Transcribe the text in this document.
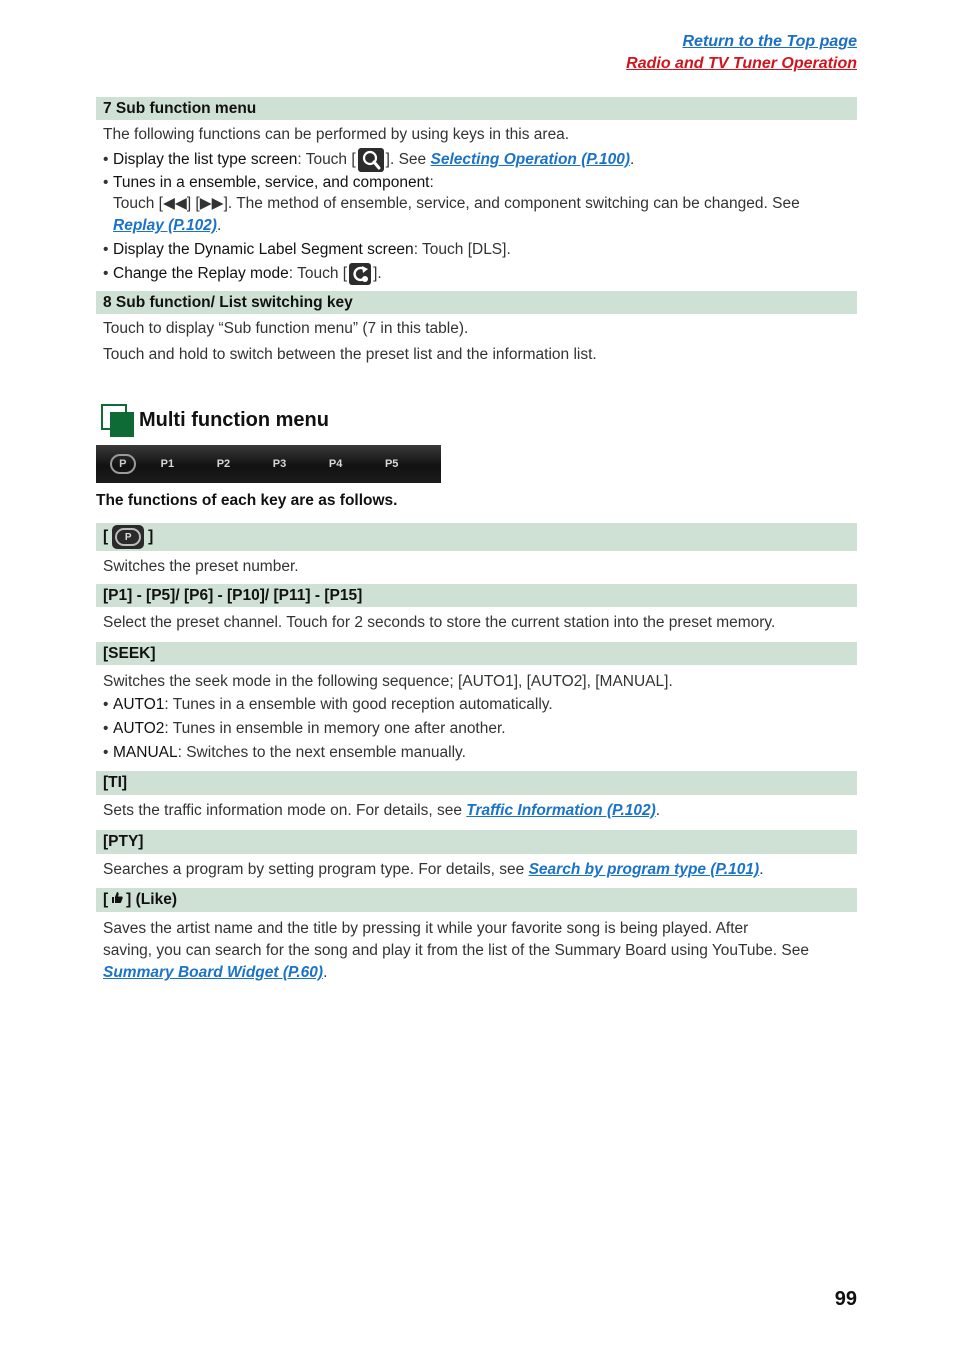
Return to the Top page
Radio and TV Tuner Operation
7 Sub function menu
The following functions can be performed by using keys in this area.
• Display the list type screen: Touch [ ]. See Selecting Operation (P.100).
• Tunes in a ensemble, service, and component:
Touch [◀◀] [▶▶]. The method of ensemble, service, and component switching can be changed. See
Replay (P.102).
• Display the Dynamic Label Segment screen: Touch [DLS].
• Change the Replay mode: Touch [ ].
8 Sub function/ List switching key
Touch to display “Sub function menu” (7 in this table).
Touch and hold to switch between the preset list and the information list.
Multi function menu
P	P1	P2	P3	P4	P5
The functions of each key are as follows.
[	P	]
Switches the preset number.
[P1] - [P5]/ [P6] - [P10]/ [P11] - [P15]
Select the preset channel. Touch for 2 seconds to store the current station into the preset memory.
[SEEK]
Switches the seek mode in the following sequence; [AUTO1], [AUTO2], [MANUAL].
• AUTO1: Tunes in a ensemble with good reception automatically.
• AUTO2: Tunes in ensemble in memory one after another.
• MANUAL: Switches to the next ensemble manually.
[TI]
Sets the traffic information mode on. For details, see Traffic Information (P.102).
[PTY]
Searches a program by setting program type. For details, see Search by program type (P.101).
[ ] (Like)
Saves the artist name and the title by pressing it while your favorite song is being played. After
saving, you can search for the song and play it from the list of the Summary Board using YouTube. See
Summary Board Widget (P.60).
99
